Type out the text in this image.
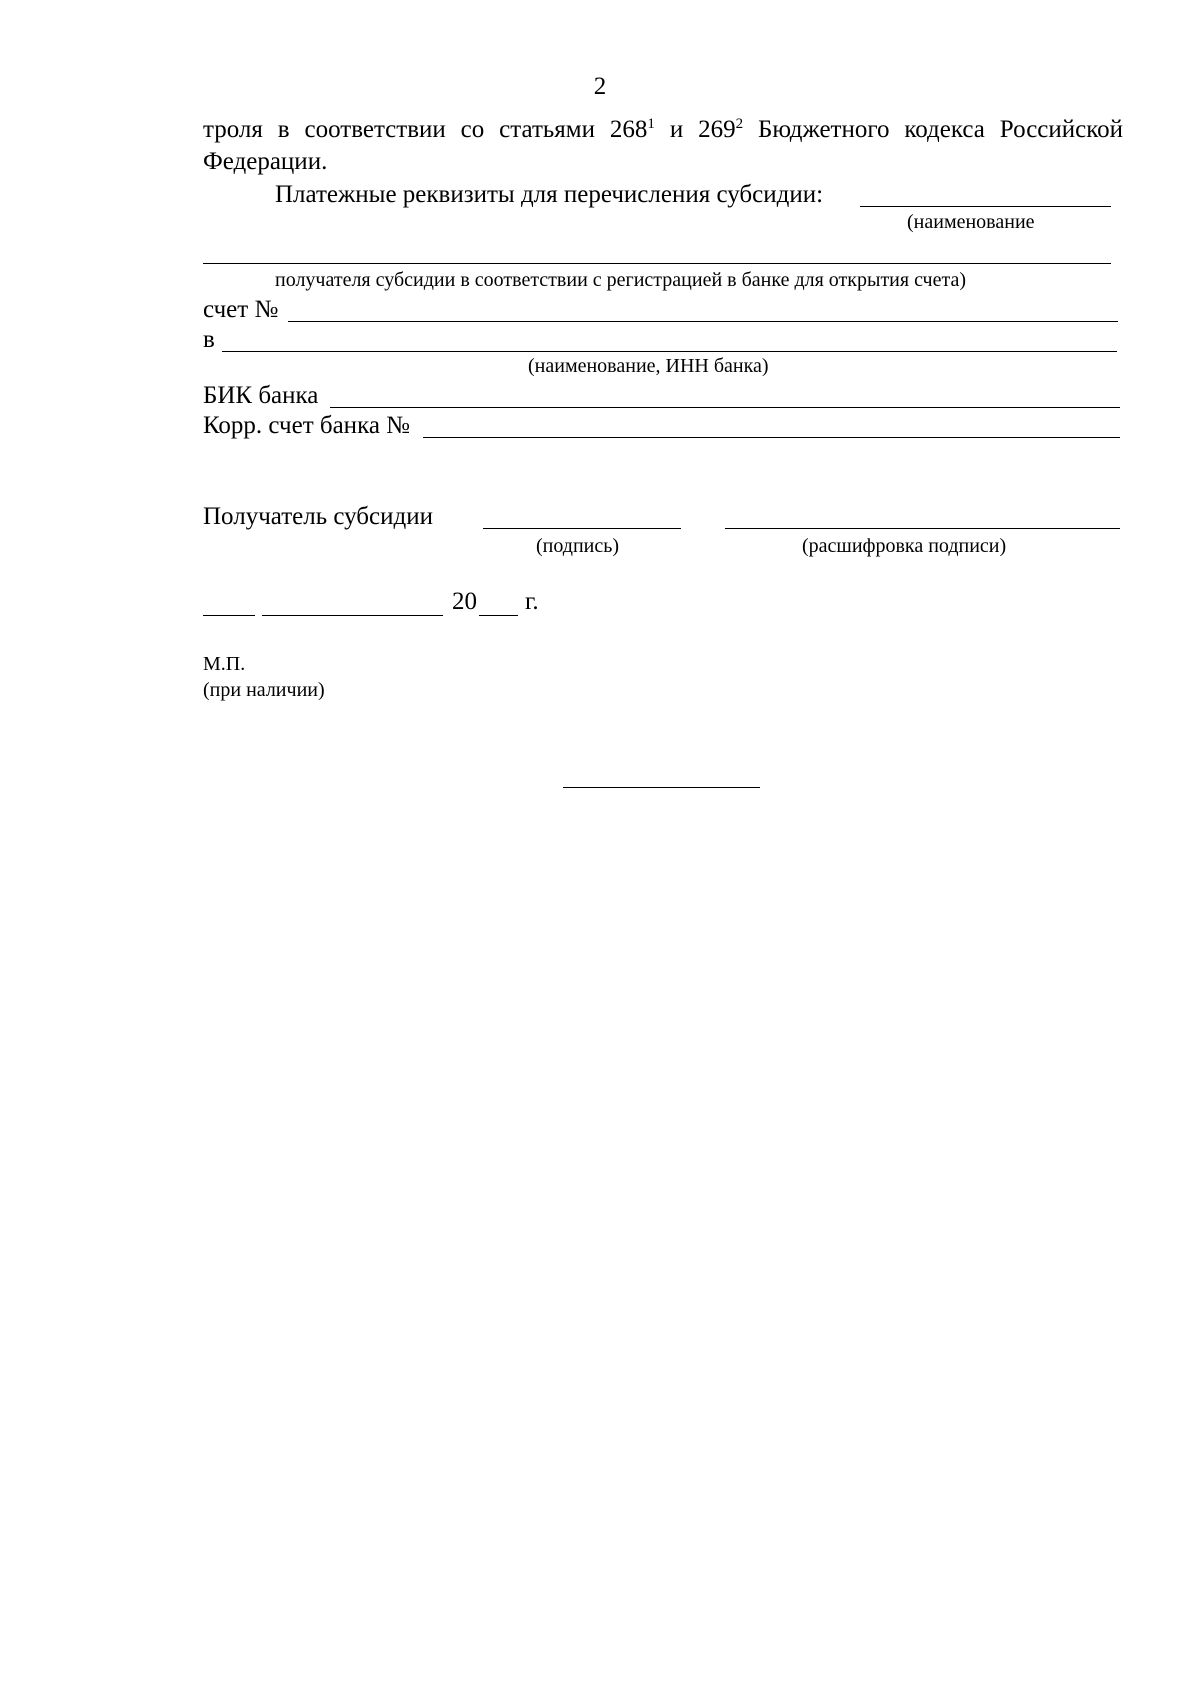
2
троля в соответствии со статьями $268^1$ и $269^2$ Бюджетного кодекса Российской
Федерации.
Платежные реквизиты для перечисления субсидии:
(наименование
получателя субсидии в соответствии с регистрацией в банке для открытия счета)
счет №
в
(наименование, ИНН банка)
БИК банка
Корр. счет банка №
Получатель субсидии
(подпись)	(расшифровка подписи)
20 г.
М.П.
(при наличии)
